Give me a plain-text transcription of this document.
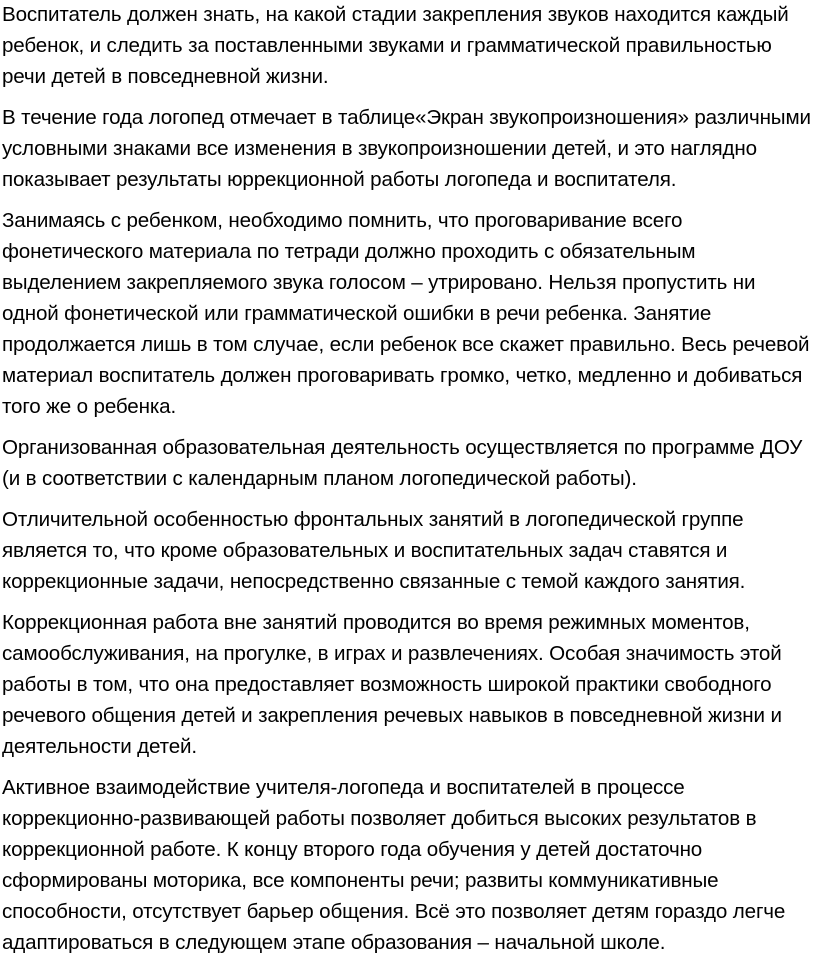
Воспитатель должен знать, на какой стадии закрепления звуков находится каждый ребенок, и следить за поставленными звуками и грамматической правильностью речи детей в повседневной жизни.

В течение года логопед отмечает в таблице«Экран звукопроизношения» различными условными знаками все изменения в звукопроизношении детей, и это наглядно показывает результаты юррекционной работы логопеда и воспитателя.

Занимаясь с ребенком, необходимо помнить, что проговаривание всего фонетического материала по тетради должно проходить с обязательным выделением закрепляемого звука голосом – утрировано. Нельзя пропустить ни одной фонетической или грамматической ошибки в речи ребенка. Занятие продолжается лишь в том случае, если ребенок все скажет правильно. Весь речевой материал воспитатель должен проговаривать громко, четко, медленно и добиваться того же о ребенка.

Организованная образовательная деятельность осуществляется по программе ДОУ (и в соответствии с календарным планом логопедической работы).

Отличительной особенностью фронтальных занятий в логопедической группе является то, что кроме образовательных и воспитательных задач ставятся и коррекционные задачи, непосредственно связанные с темой каждого занятия.

Коррекционная работа вне занятий проводится во время режимных моментов, самообслуживания, на прогулке, в играх и развлечениях. Особая значимость этой работы в том, что она предоставляет возможность широкой практики свободного речевого общения детей и закрепления речевых навыков в повседневной жизни и деятельности детей.

Активное взаимодействие учителя-логопеда и воспитателей в процессе коррекционно-развивающей работы позволяет добиться высоких результатов в коррекционной работе. К концу второго года обучения у детей достаточно сформированы моторика, все компоненты речи; развиты коммуникативные способности, отсутствует барьер общения. Всё это позволяет детям гораздо легче адаптироваться в следующем этапе образования – начальной школе.
